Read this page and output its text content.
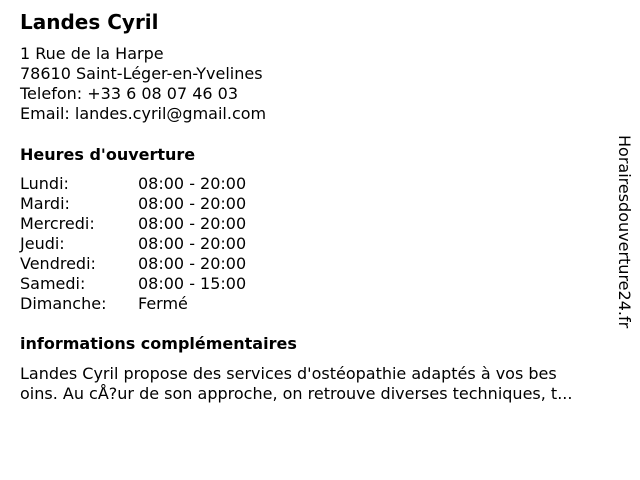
Landes Cyril
1 Rue de la Harpe
78610 Saint-Léger-en-Yvelines
Telefon: +33 6 08 07 46 03
Email: landes.cyril@gmail.com
Heures d'ouverture
Lundi:	08:00 - 20:00
Mardi:	08:00 - 20:00
Mercredi:	08:00 - 20:00
Jeudi:	08:00 - 20:00
Vendredi:	08:00 - 20:00
Samedi:	08:00 - 15:00
Dimanche: Fermé
informations complémentaires
Landes Cyril propose des services d'ostéopathie adaptés à vos bes
oins. Au cÅ?ur de son approche, on retrouve diverses techniques, t...
Horairesdouverture24.fr
